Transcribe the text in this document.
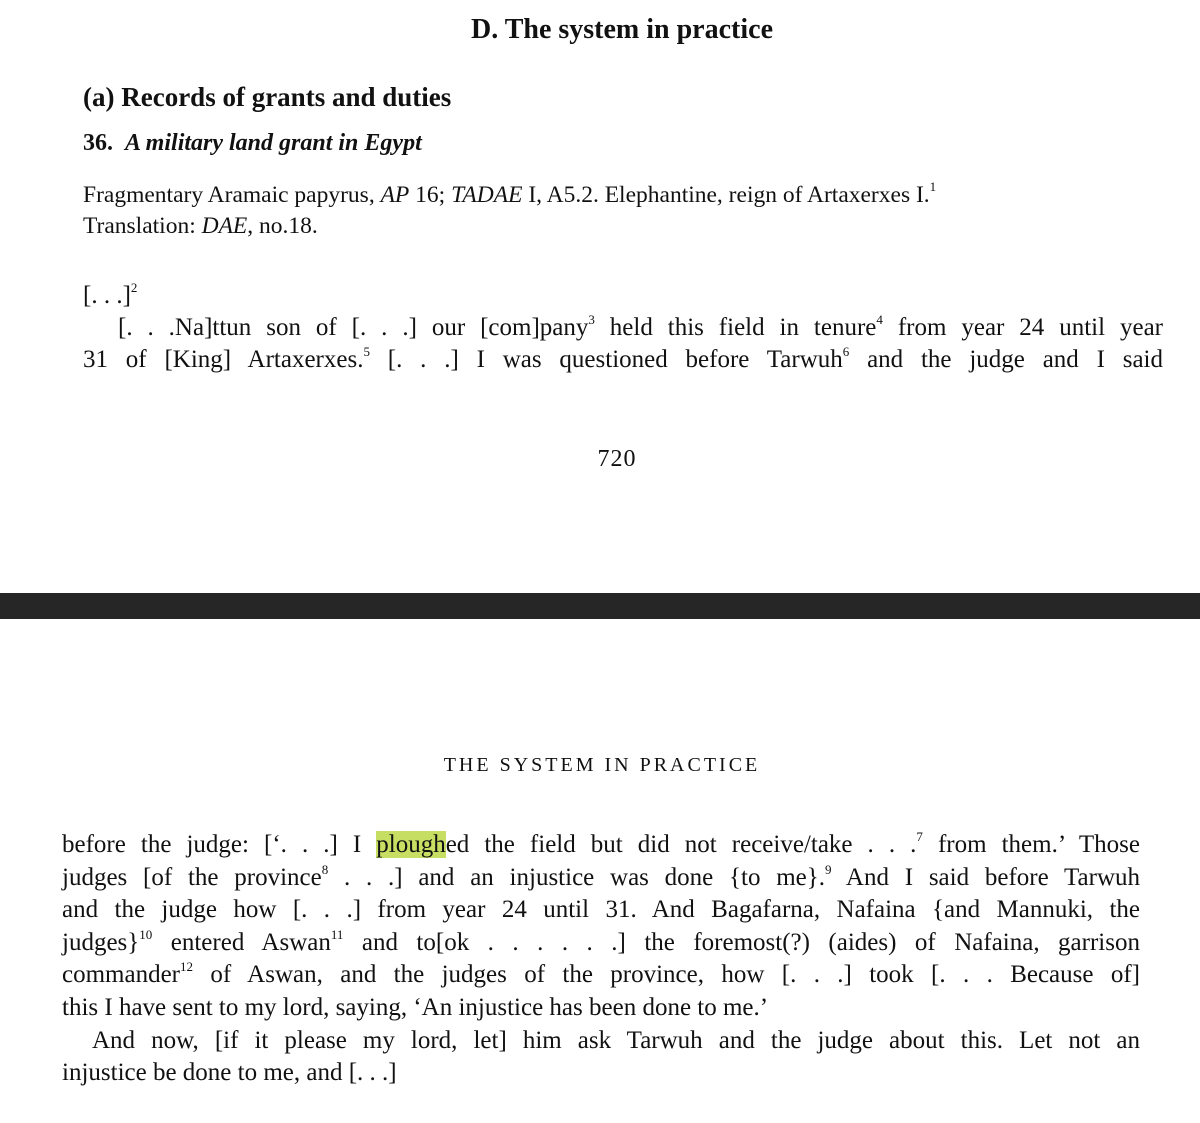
D. The system in practice
(a) Records of grants and duties
36. A military land grant in Egypt

Fragmentary Aramaic papyrus, AP 16; TADAE I, A5.2. Elephantine, reign of Artaxerxes I.$^1$
Translation: DAE, no.18.

[. . .]$^2$
[. . .Na]ttun son of [. . .] our [com]pany$^3$ held this field in tenure$^4$ from year 24 until year
31 of [King] Artaxerxes.$^5$ [. . .] I was questioned before Tarwuh$^6$ and the judge and I said

720

THE SYSTEM IN PRACTICE

before the judge: [‘. . .] I ploughed the field but did not receive/take . . .$^7$ from them.’ Those
judges [of the province$^8$ . . .] and an injustice was done {to me}.$^9$ And I said before Tarwuh
and the judge how [. . .] from year 24 until 31. And Bagafarna, Nafaina {and Mannuki, the
judges}$^{10}$ entered Aswan$^{11}$ and to[ok . . . . . .] the foremost(?) (aides) of Nafaina, garrison
commander$^{12}$ of Aswan, and the judges of the province, how [. . .] took [. . . Because of]
this I have sent to my lord, saying, ‘An injustice has been done to me.’
And now, [if it please my lord, let] him ask Tarwuh and the judge about this. Let not an
injustice be done to me, and [. . .]
